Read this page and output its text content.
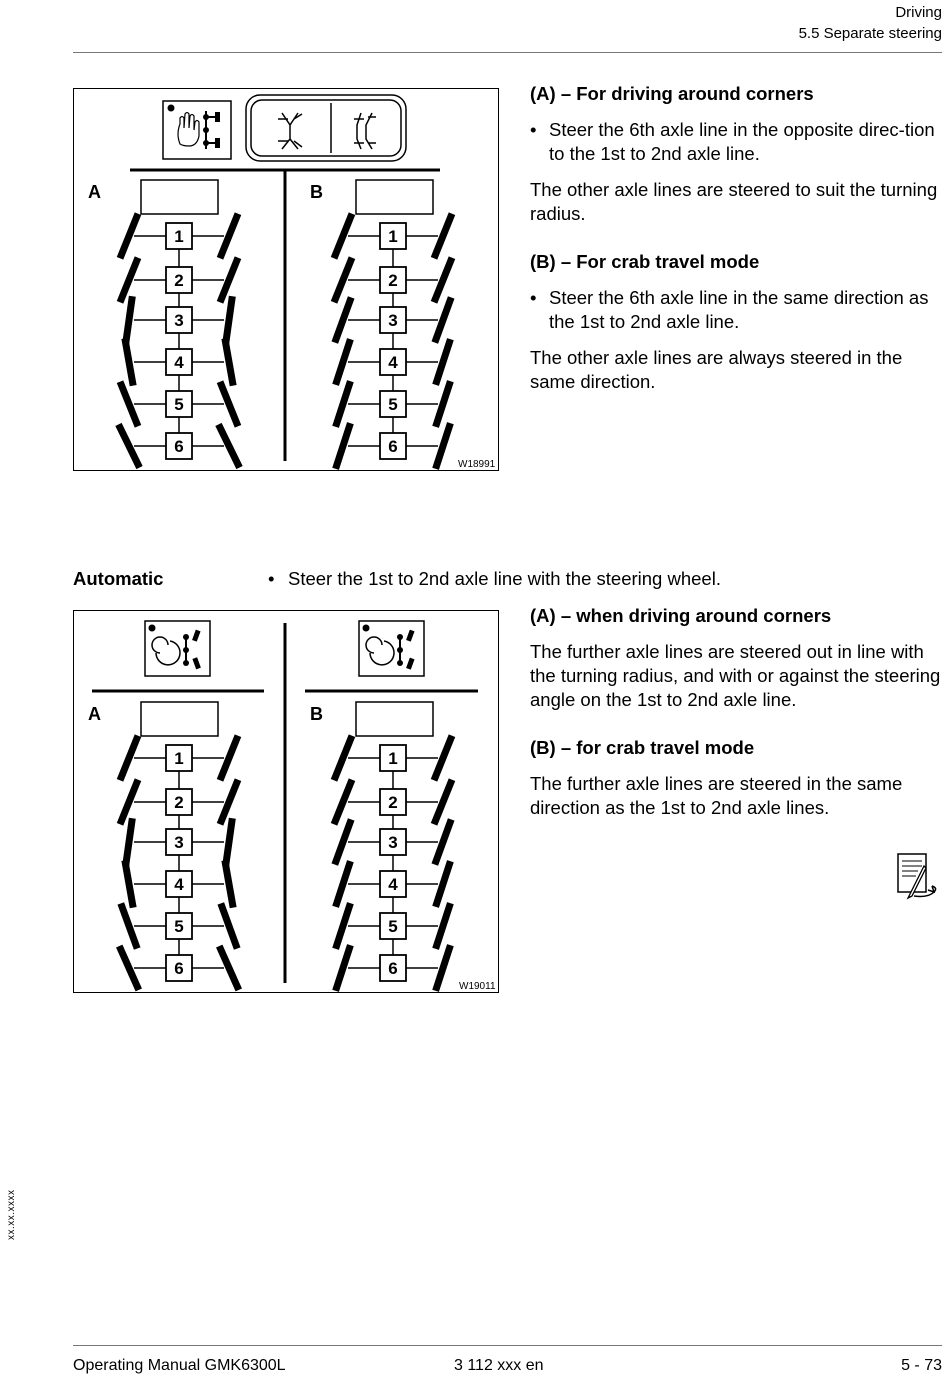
Driving
5.5 Separate steering
A	B
1
2
3
4
5
6
1
2
3
4
5
6
W18991
(A) – For driving around corners
• Steer the 6th axle line in the opposite direc-tion to the 1st to 2nd axle line.

The other axle lines are steered to suit the turning radius.

(B) – For crab travel mode
• Steer the 6th axle line in the same direction as the 1st to 2nd axle line.

The other axle lines are always steered in the same direction.

Automatic	• Steer the 1st to 2nd axle line with the steering wheel.
A	B
1
2
3
4
5
6
1
2
3
4
5
6
W19011
(A) – when driving around corners

The further axle lines are steered out in line with the turning radius, and with or against the steering angle on the 1st to 2nd axle line.

(B) – for crab travel mode

The further axle lines are steered in the same direction as the 1st to 2nd axle lines.

xx.xx.xxxx
Operating Manual GMK6300L	3 112 xxx en	5 - 73
